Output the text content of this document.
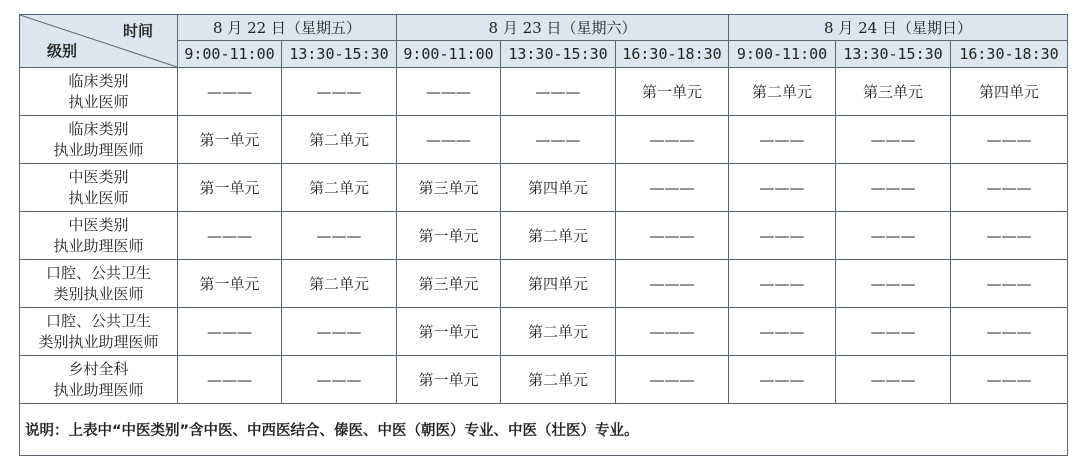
时间
级别	8 月 22 日（星期五）		8 月 23 日（星期六）			8 月 24 日（星期日）		
	9:00-11:00	13:30-15:30	9:00-11:00	13:30-15:30	16:30-18:30	9:00-11:00	13:30-15:30	16:30-18:30

临床类别
执业医师	———	———	———	———	第一单元	第二单元	第三单元	第四单元

临床类别
执业助理医师	第一单元	第二单元	———	———	———	———	———	———

中医类别
执业医师	第一单元	第二单元	第三单元	第四单元	———	———	———	———

中医类别
执业助理医师	———	———	第一单元	第二单元	———	———	———	———

口腔、公共卫生
类别执业医师	第一单元	第二单元	第三单元	第四单元	———	———	———	———

口腔、公共卫生
类别执业助理医师	———	———	第一单元	第二单元	———	———	———	———

乡村全科
执业助理医师	———	———	第一单元	第二单元	———	———	———	———
说明：上表中“中医类别”含中医、中西医结合、傣医、中医（朝医）专业、中医（壮医）专业。								
